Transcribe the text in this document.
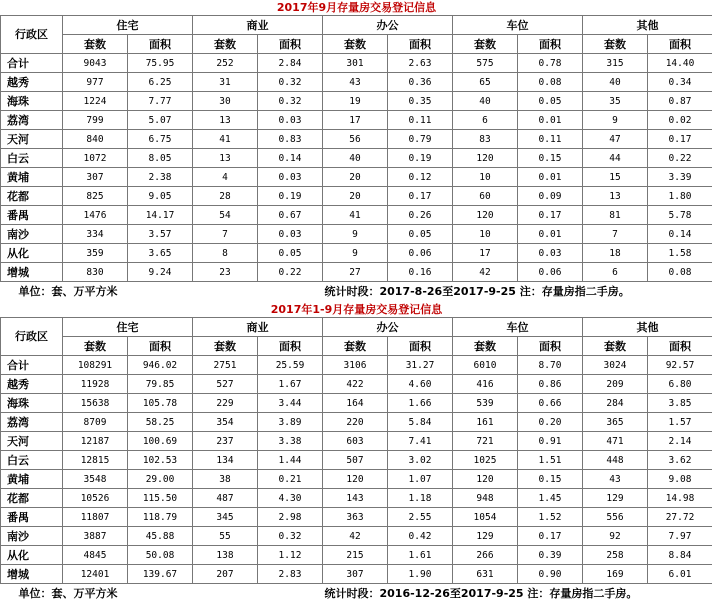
2017年9月存量房交易登记信息										
行政区	住宅		商业		办公		车位		其他	
	套数	面积	套数	面积	套数	面积	套数	面积	套数	面积
合计	9043	75.95	252	2.84	301	2.63	575	0.78	315	14.40
越秀	977	6.25	31	0.32	43	0.36	65	0.08	40	0.34
海珠	1224	7.77	30	0.32	19	0.35	40	0.05	35	0.87
荔湾	799	5.07	13	0.03	17	0.11	6	0.01	9	0.02
天河	840	6.75	41	0.83	56	0.79	83	0.11	47	0.17
白云	1072	8.05	13	0.14	40	0.19	120	0.15	44	0.22
黄埔	307	2.38	4	0.03	20	0.12	10	0.01	15	3.39
花都	825	9.05	28	0.19	20	0.17	60	0.09	13	1.80
番禺	1476	14.17	54	0.67	41	0.26	120	0.17	81	5.78
南沙	334	3.57	7	0.03	9	0.05	10	0.01	7	0.14
从化	359	3.65	8	0.05	9	0.06	17	0.03	18	1.58
增城	830	9.24	23	0.22	27	0.16	42	0.06	6	0.08
单位：套、万平方米					统计时段：2017-8-26至2017-9-25 注：存量房指二手房。					
2017年1-9月存量房交易登记信息										
行政区	住宅		商业		办公		车位		其他	
	套数	面积	套数	面积	套数	面积	套数	面积	套数	面积
合计	108291	946.02	2751	25.59	3106	31.27	6010	8.70	3024	92.57
越秀	11928	79.85	527	1.67	422	4.60	416	0.86	209	6.80
海珠	15638	105.78	229	3.44	164	1.66	539	0.66	284	3.85
荔湾	8709	58.25	354	3.89	220	5.84	161	0.20	365	1.57
天河	12187	100.69	237	3.38	603	7.41	721	0.91	471	2.14
白云	12815	102.53	134	1.44	507	3.02	1025	1.51	448	3.62
黄埔	3548	29.00	38	0.21	120	1.07	120	0.15	43	9.08
花都	10526	115.50	487	4.30	143	1.18	948	1.45	129	14.98
番禺	11807	118.79	345	2.98	363	2.55	1054	1.52	556	27.72
南沙	3887	45.88	55	0.32	42	0.42	129	0.17	92	7.97
从化	4845	50.08	138	1.12	215	1.61	266	0.39	258	8.84
增城	12401	139.67	207	2.83	307	1.90	631	0.90	169	6.01
单位：套、万平方米					统计时段：2016-12-26至2017-9-25 注：存量房指二手房。					
